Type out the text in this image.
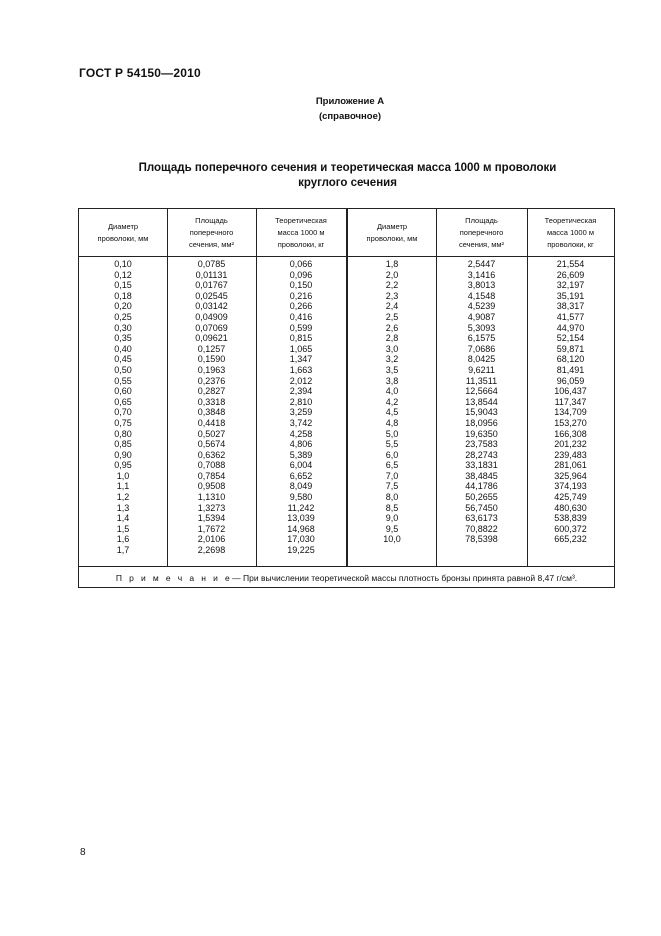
ГОСТ Р 54150—2010
Приложение А
(справочное)
Площадь поперечного сечения и теоретическая масса 1000 м проволоки
круглого сечения
Диаметр
проволоки, мм
Площадь
поперечного
сечения, мм²
Теоретическая
масса 1000 м
проволоки, кг
Диаметр
проволоки, мм
Площадь
поперечного
сечения, мм²
Теоретическая
масса 1000 м
проволоки, кг
0,10
0,12
0,15
0,18
0,20
0,25
0,30
0,35
0,40
0,45
0,50
0,55
0,60
0,65
0,70
0,75
0,80
0,85
0,90
0,95
1,0
1,1
1,2
1,3
1,4
1,5
1,6
1,7
0,0785
0,01131
0,01767
0,02545
0,03142
0,04909
0,07069
0,09621
0,1257
0,1590
0,1963
0,2376
0,2827
0,3318
0,3848
0,4418
0,5027
0,5674
0,6362
0,7088
0,7854
0,9508
1,1310
1,3273
1,5394
1,7672
2,0106
2,2698
0,066
0,096
0,150
0,216
0,266
0,416
0,599
0,815
1,065
1,347
1,663
2,012
2,394
2,810
3,259
3,742
4,258
4,806
5,389
6,004
6,652
8,049
9,580
11,242
13,039
14,968
17,030
19,225
1,8
2,0
2,2
2,3
2,4
2,5
2,6
2,8
3,0
3,2
3,5
3,8
4,0
4,2
4,5
4,8
5,0
5,5
6,0
6,5
7,0
7,5
8,0
8,5
9,0
9,5
10,0
2,5447
3,1416
3,8013
4,1548
4,5239
4,9087
5,3093
6,1575
7,0686
8,0425
9,6211
11,3511
12,5664
13,8544
15,9043
18,0956
19,6350
23,7583
28,2743
33,1831
38,4845
44,1786
50,2655
56,7450
63,6173
70,8822
78,5398
21,554
26,609
32,197
35,191
38,317
41,577
44,970
52,154
59,871
68,120
81,491
96,059
106,437
117,347
134,709
153,270
166,308
201,232
239,483
281,061
325,964
374,193
425,749
480,630
538,839
600,372
665,232
П р и м е ч а н и е — При вычислении теоретической массы плотность бронзы принята равной 8,47 г/см³.
8
